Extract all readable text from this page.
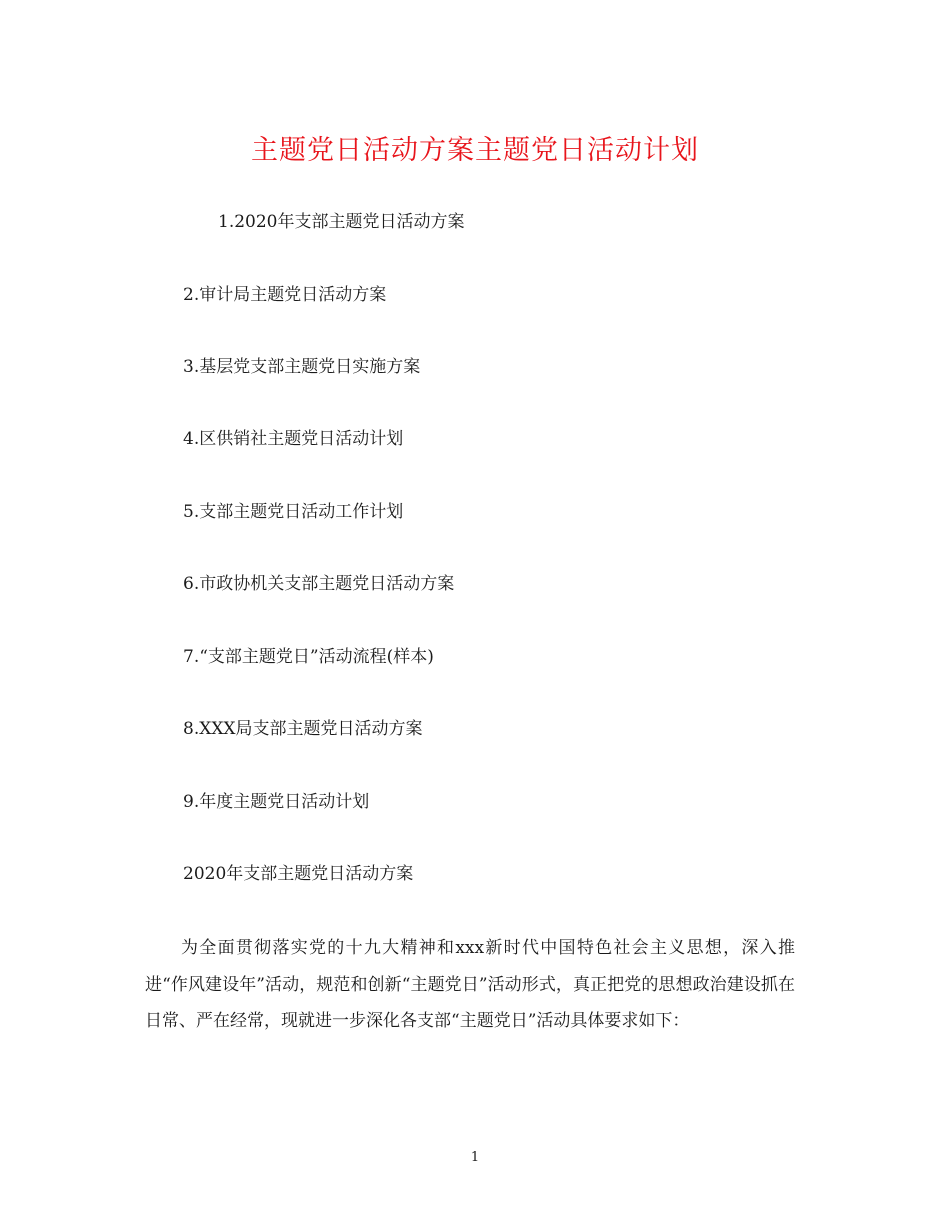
主题党日活动方案主题党日活动计划

1.2020年支部主题党日活动方案

2.审计局主题党日活动方案

3.基层党支部主题党日实施方案

4.区供销社主题党日活动计划

5.支部主题党日活动工作计划

6.市政协机关支部主题党日活动方案

7.“支部主题党日”活动流程(样本)

8.XXX局支部主题党日活动方案

9.年度主题党日活动计划

2020年支部主题党日活动方案

为全面贯彻落实党的十九大精神和xxx新时代中国特色社会主义思想，深入推进“作风建设年”活动，规范和创新“主题党日”活动形式，真正把党的思想政治建设抓在日常、严在经常，现就进一步深化各支部“主题党日”活动具体要求如下：

1
